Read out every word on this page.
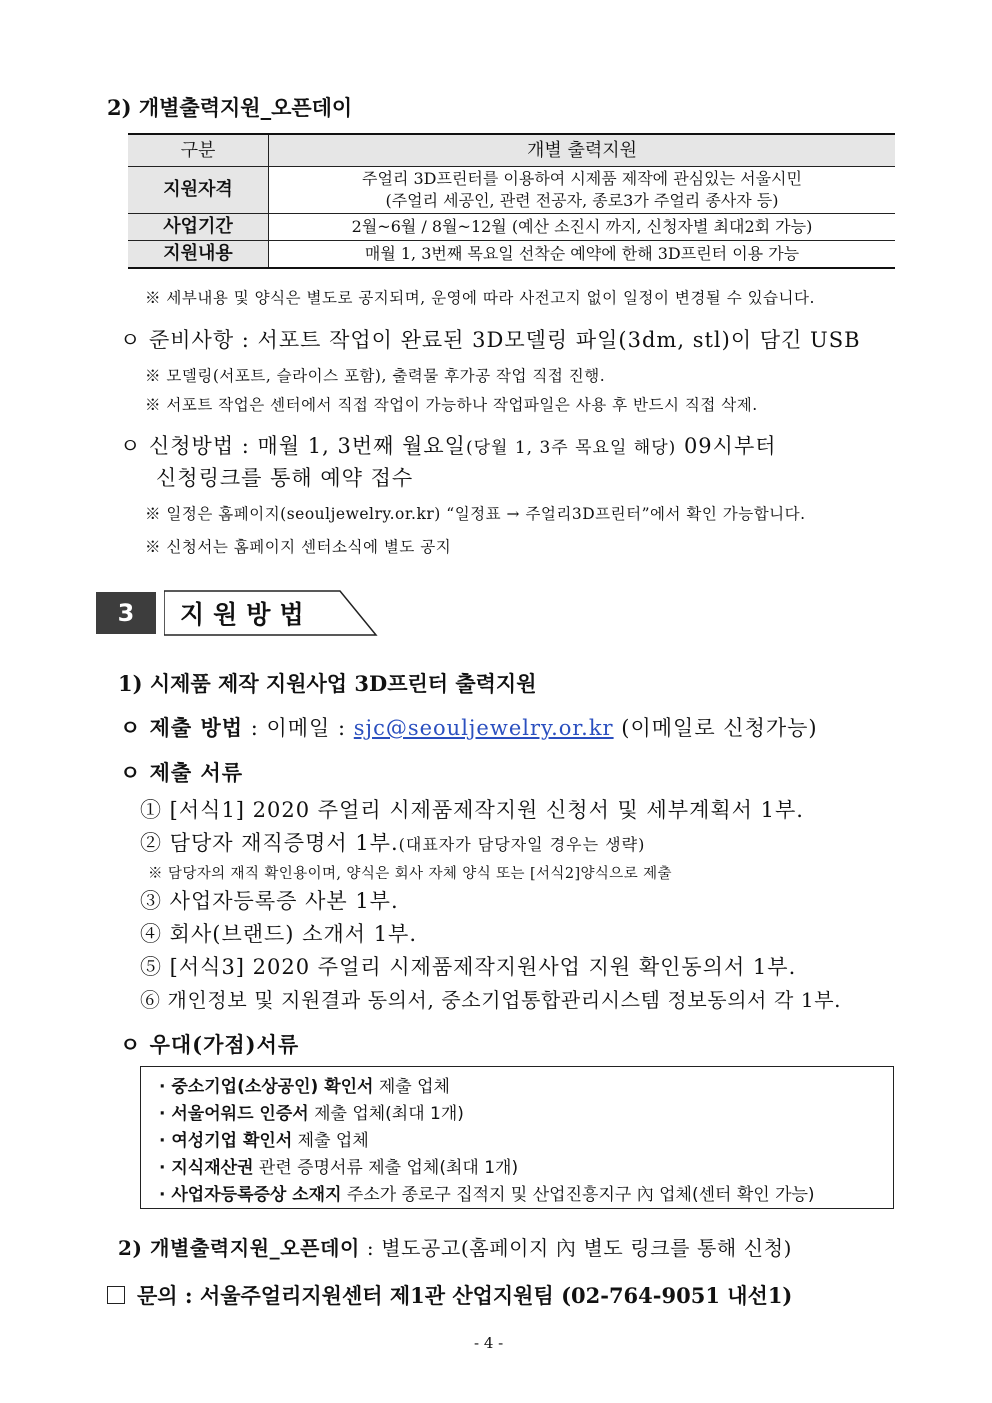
2) 개별출력지원_오픈데이
구분	개별 출력지원
지원자격	주얼리 3D프린터를 이용하여 시제품 제작에 관심있는 서울시민
(주얼리 세공인, 관련 전공자, 종로3가 주얼리 종사자 등)

사업기간	2월~6월 / 8월~12월 (예산 소진시 까지, 신청자별 최대2회 가능)
지원내용	매월 1, 3번째 목요일 선착순 예약에 한해 3D프린터 이용 가능
※ 세부내용 및 양식은 별도로 공지되며, 운영에 따라 사전고지 없이 일정이 변경될 수 있습니다.
ㅇ 준비사항 : 서포트 작업이 완료된 3D모델링 파일(3dm, stl)이 담긴 USB
※ 모델링(서포트, 슬라이스 포함), 출력물 후가공 작업 직접 진행.
※ 서포트 작업은 센터에서 직접 작업이 가능하나 작업파일은 사용 후 반드시 직접 삭제.
ㅇ 신청방법 : 매월 1, 3번째 월요일(당월 1, 3주 목요일 해당) 09시부터
신청링크를 통해 예약 접수
※ 일정은 홈페이지(seouljewelry.or.kr) “일정표 → 주얼리3D프린터”에서 확인 가능합니다.
※ 신청서는 홈페이지 센터소식에 별도 공지
3	지원방법
1) 시제품 제작 지원사업 3D프린터 출력지원
ㅇ 제출 방법 : 이메일 : sjc@seouljewelry.or.kr (이메일로 신청가능)
ㅇ 제출 서류
① [서식1] 2020 주얼리 시제품제작지원 신청서 및 세부계획서 1부.
② 담당자 재직증명서 1부.(대표자가 담당자일 경우는 생략)
※ 담당자의 재직 확인용이며, 양식은 회사 자체 양식 또는 [서식2]양식으로 제출
③ 사업자등록증 사본 1부.
④ 회사(브랜드) 소개서 1부.
⑤ [서식3] 2020 주얼리 시제품제작지원사업 지원 확인동의서 1부.
⑥ 개인정보 및 지원결과 동의서, 중소기업통합관리시스템 정보동의서 각 1부.
ㅇ 우대(가점)서류
· 중소기업(소상공인) 확인서 제출 업체
· 서울어워드 인증서 제출 업체(최대 1개)
· 여성기업 확인서 제출 업체
· 지식재산권 관련 증명서류 제출 업체(최대 1개)
· 사업자등록증상 소재지 주소가 종로구 집적지 및 산업진흥지구 內 업체(센터 확인 가능)
2) 개별출력지원_오픈데이 : 별도공고(홈페이지 內 별도 링크를 통해 신청)
문의 : 서울주얼리지원센터 제1관 산업지원팀 (02-764-9051 내선1)
- 4 -
